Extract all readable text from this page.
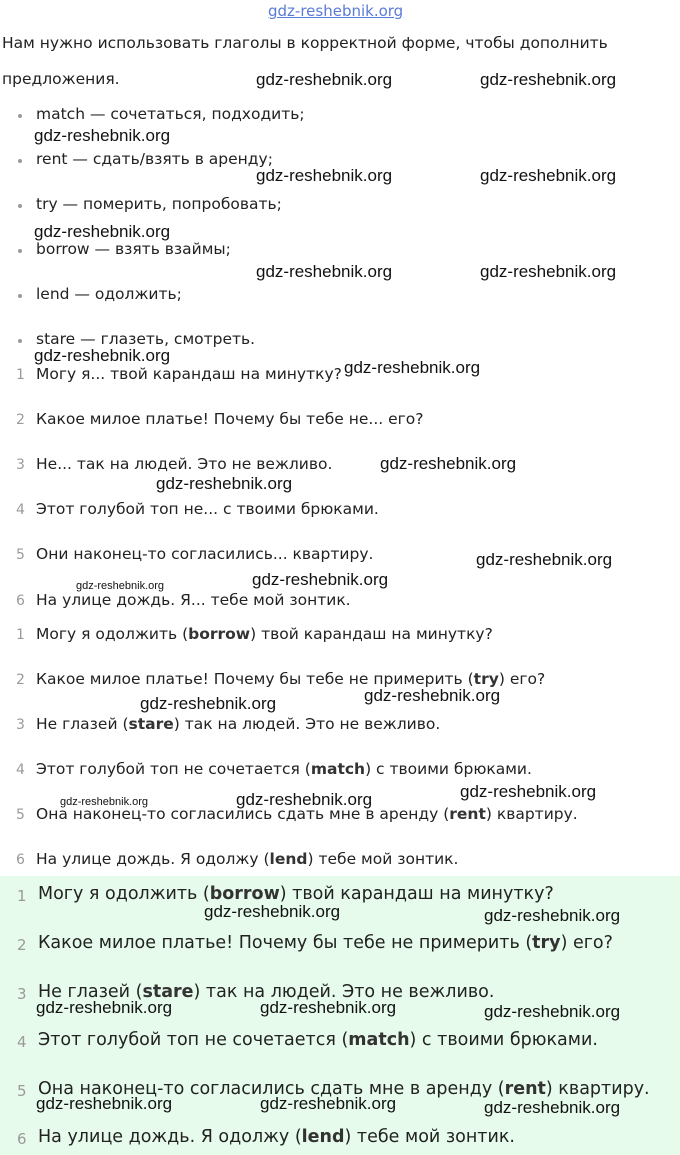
gdz-reshebnik.org
Нам нужно использовать глаголы в корректной форме, чтобы дополнить
предложения.
match — сочетаться, подходить;
rent — сдать/взять в аренду;
try — померить, попробовать;
borrow — взять взаймы;
lend — одолжить;
stare — глазеть, смотреть.
1 Могу я... твой карандаш на минутку?
2 Какое милое платье! Почему бы тебе не... его?
3 Не... так на людей. Это не вежливо.
4 Этот голубой топ не... с твоими брюками.
5 Они наконец-то согласились... квартиру.
6 На улице дождь. Я... тебе мой зонтик.
1 Могу я одолжить (borrow) твой карандаш на минутку?
2 Какое милое платье! Почему бы тебе не примерить (try) его?
3 Не глазей (stare) так на людей. Это не вежливо.
4 Этот голубой топ не сочетается (match) с твоими брюками.
5 Она наконец-то согласились сдать мне в аренду (rent) квартиру.
6 На улице дождь. Я одолжу (lend) тебе мой зонтик.
1 Могу я одолжить (borrow) твой карандаш на минутку?
2 Какое милое платье! Почему бы тебе не примерить (try) его?
3 Не глазей (stare) так на людей. Это не вежливо.
4 Этот голубой топ не сочетается (match) с твоими брюками.
5 Она наконец-то согласились сдать мне в аренду (rent) квартиру.
6 На улице дождь. Я одолжу (lend) тебе мой зонтик.
gdz-reshebnik.org	gdz-reshebnik.org
gdz-reshebnik.org
gdz-reshebnik.org	gdz-reshebnik.org
gdz-reshebnik.org
gdz-reshebnik.org	gdz-reshebnik.org
gdz-reshebnik.org
gdz-reshebnik.org
gdz-reshebnik.org
gdz-reshebnik.org
gdz-reshebnik.org
gdz-reshebnik.org
gdz-reshebnik.org
gdz-reshebnik.org	gdz-reshebnik.org
gdz-reshebnik.org
gdz-reshebnik.org
gdz-reshebnik.org
gdz-reshebnik.org	gdz-reshebnik.org
gdz-reshebnik.org	gdz-reshebnik.org	gdz-reshebnik.org
gdz-reshebnik.org	gdz-reshebnik.org	gdz-reshebnik.org
